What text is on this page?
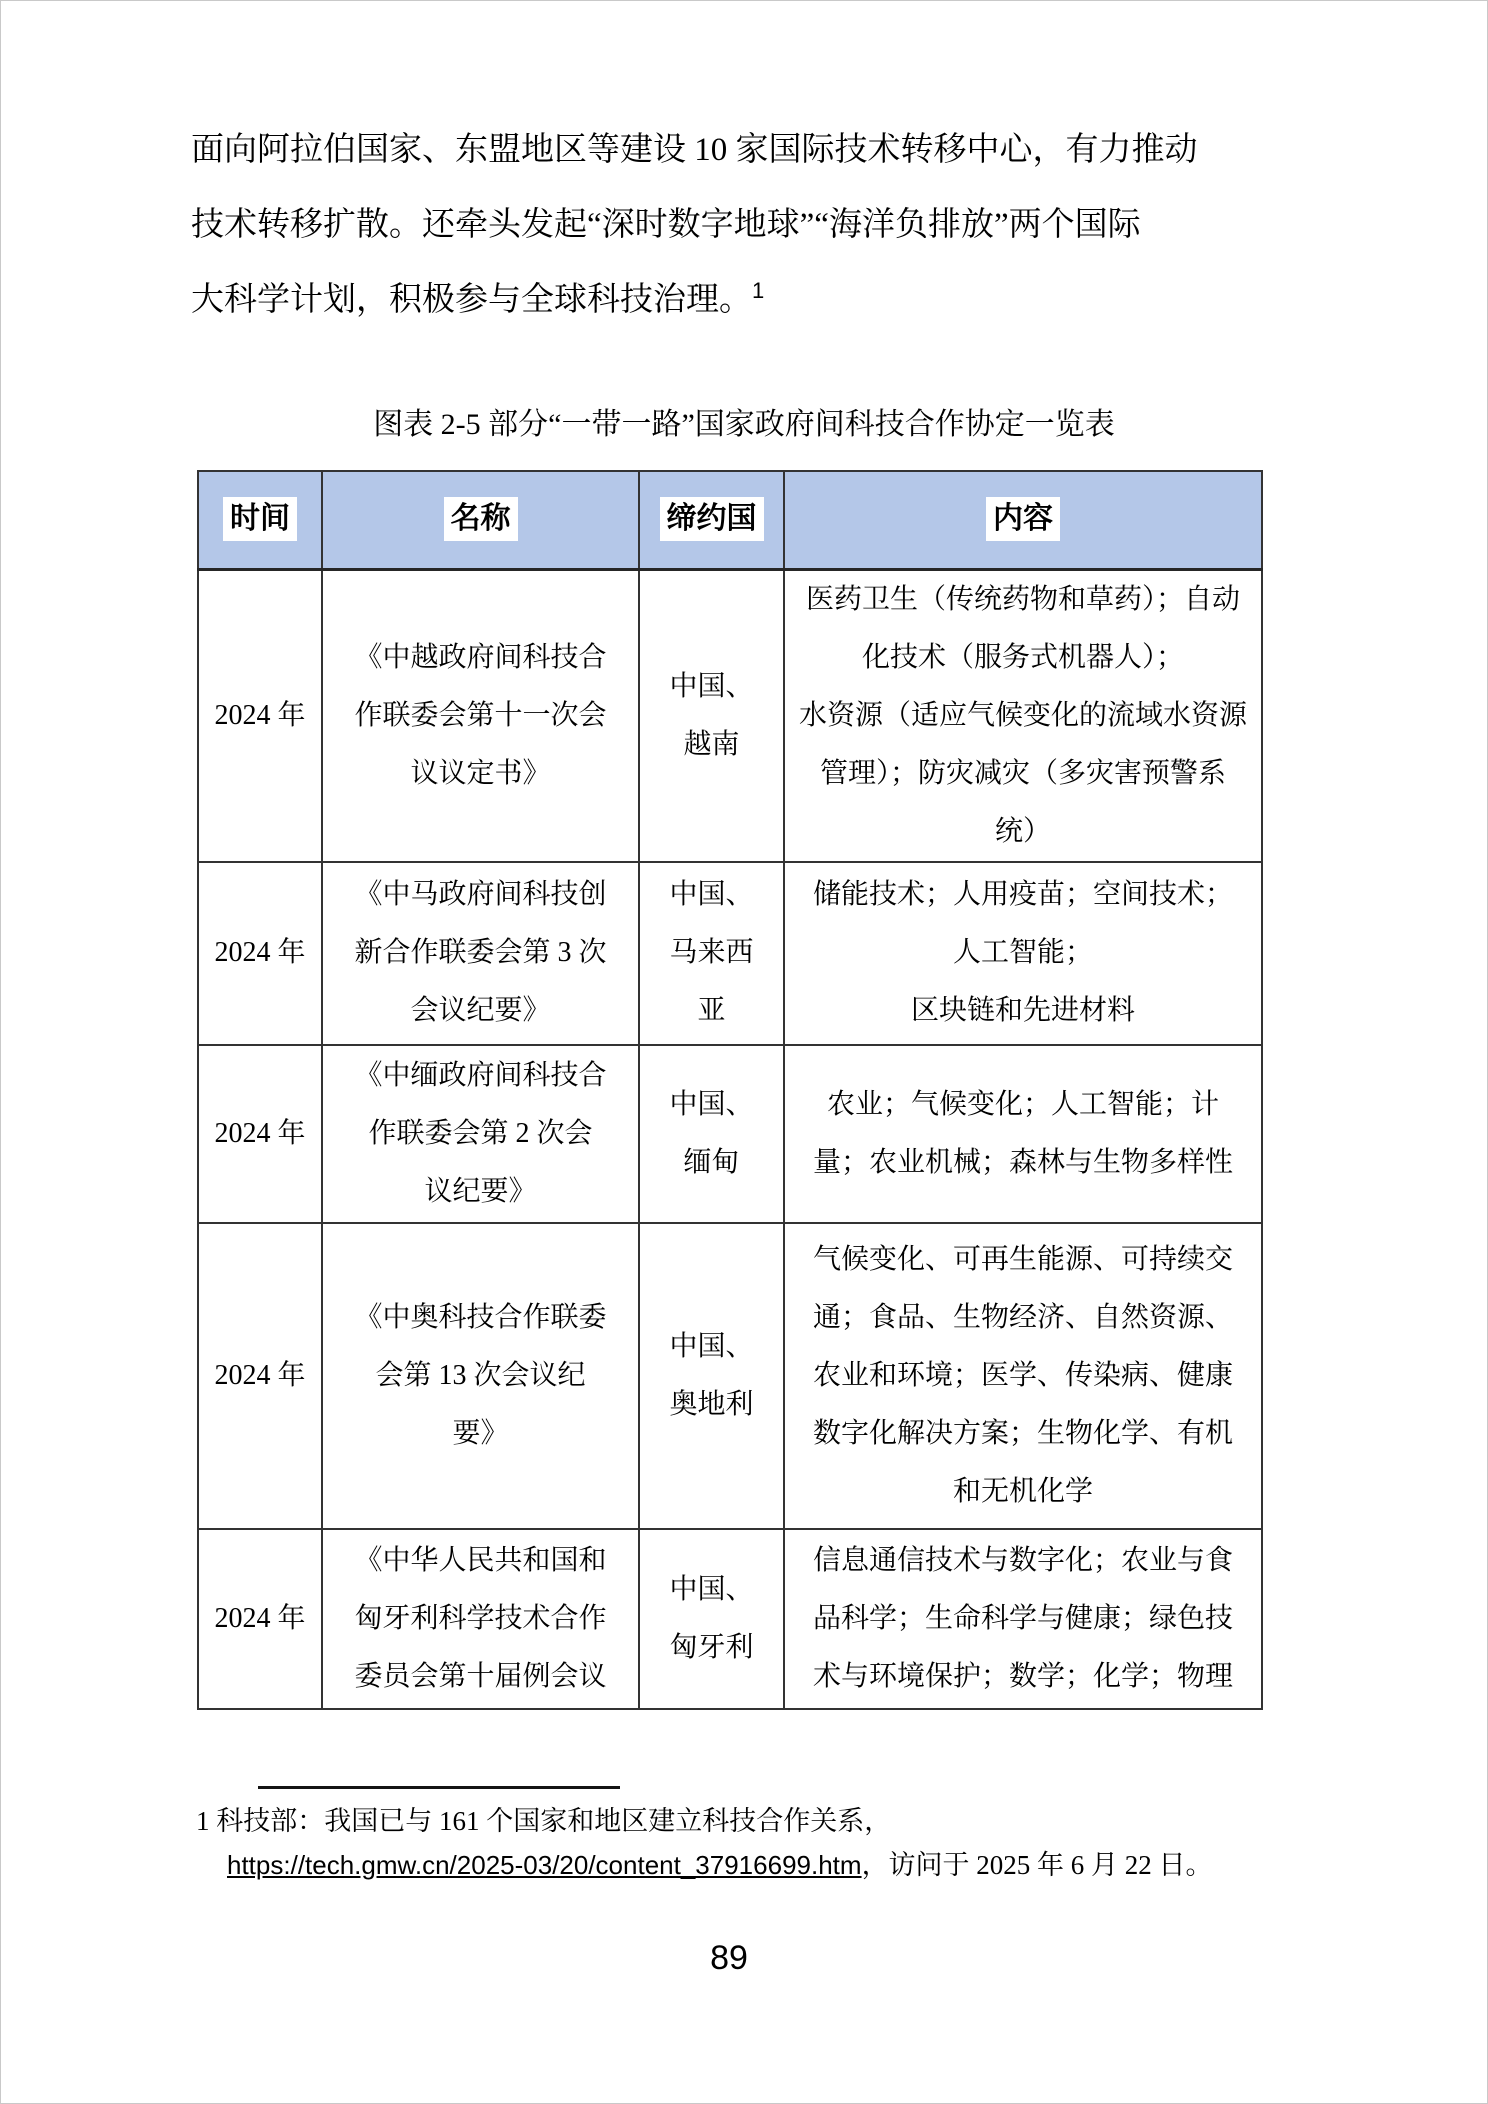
面向阿拉伯国家、东盟地区等建设 10 家国际技术转移中心，有力推动
技术转移扩散。还牵头发起“深时数字地球”“海洋负排放”两个国际
大科学计划，积极参与全球科技治理。$^1$

图表 2-5 部分“一带一路”国家政府间科技合作协定一览表
时间	名称	缔约国	内容
2024 年	《中越政府间科技合
作联委会第十一次会
议议定书》	中国、
越南	医药卫生（传统药物和草药）；自动
化技术（服务式机器人）；
水资源（适应气候变化的流域水资源
管理）；防灾减灾（多灾害预警系
统）
2024 年	《中马政府间科技创
新合作联委会第 3 次
会议纪要》	中国、
马来西
亚	储能技术；人用疫苗；空间技术；
人工智能；
区块链和先进材料
2024 年	《中缅政府间科技合
作联委会第 2 次会
议纪要》	中国、
缅甸	农业；气候变化；人工智能；计
量；农业机械；森林与生物多样性
2024 年	《中奥科技合作联委
会第 13 次会议纪
要》	中国、
奥地利	气候变化、可再生能源、可持续交
通；食品、生物经济、自然资源、
农业和环境；医学、传染病、健康
数字化解决方案；生物化学、有机
和无机化学
2024 年	《中华人民共和国和
匈牙利科学技术合作
委员会第十届例会议	中国、
匈牙利	信息通信技术与数字化；农业与食
品科学；生命科学与健康；绿色技
术与环境保护；数学；化学；物理
1 科技部：我国已与 161 个国家和地区建立科技合作关系，
https://tech.gmw.cn/2025-03/20/content_37916699.htm，访问于 2025 年 6 月 22 日。
89
